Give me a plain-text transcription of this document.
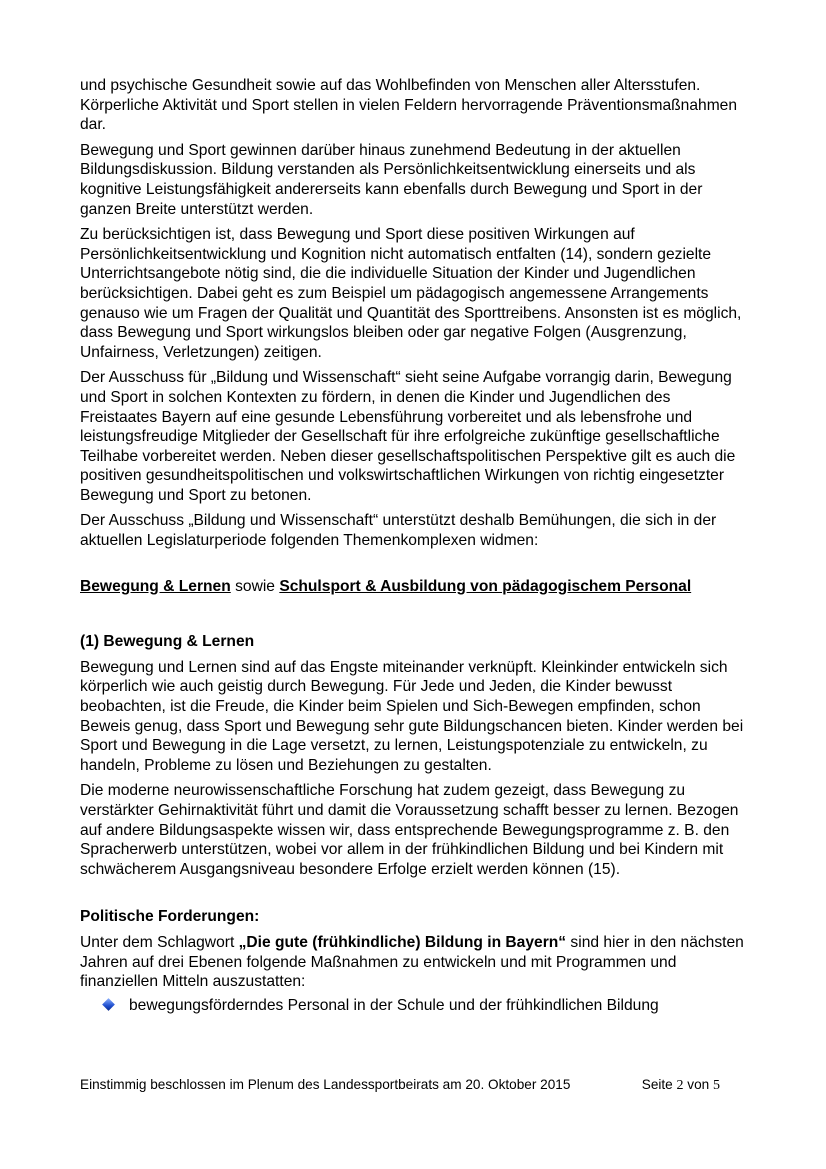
und psychische Gesundheit sowie auf das Wohlbefinden von Menschen aller Altersstufen. Körperliche Aktivität und Sport stellen in vielen Feldern hervorragende Präventionsmaßnahmen dar.

Bewegung und Sport gewinnen darüber hinaus zunehmend Bedeutung in der aktuellen Bildungsdiskussion. Bildung verstanden als Persönlichkeitsentwicklung einerseits und als kognitive Leistungsfähigkeit andererseits kann ebenfalls durch Bewegung und Sport in der ganzen Breite unterstützt werden.

Zu berücksichtigen ist, dass Bewegung und Sport diese positiven Wirkungen auf Persönlichkeitsentwicklung und Kognition nicht automatisch entfalten (14), sondern gezielte Unterrichtsangebote nötig sind, die die individuelle Situation der Kinder und Jugendlichen berücksichtigen. Dabei geht es zum Beispiel um pädagogisch angemessene Arrangements genauso wie um Fragen der Qualität und Quantität des Sporttreibens. Ansonsten ist es möglich, dass Bewegung und Sport wirkungslos bleiben oder gar negative Folgen (Ausgrenzung, Unfairness, Verletzungen) zeitigen.

Der Ausschuss für „Bildung und Wissenschaft“ sieht seine Aufgabe vorrangig darin, Bewegung und Sport in solchen Kontexten zu fördern, in denen die Kinder und Jugendlichen des Freistaates Bayern auf eine gesunde Lebensführung vorbereitet und als lebensfrohe und leistungsfreudige Mitglieder der Gesellschaft für ihre erfolgreiche zukünftige gesellschaftliche Teilhabe vorbereitet werden. Neben dieser gesellschaftspolitischen Perspektive gilt es auch die positiven gesundheitspolitischen und volkswirtschaftlichen Wirkungen von richtig eingesetzter Bewegung und Sport zu betonen.

Der Ausschuss „Bildung und Wissenschaft“ unterstützt deshalb Bemühungen, die sich in der aktuellen Legislaturperiode folgenden Themenkomplexen widmen:

Bewegung & Lernen sowie Schulsport & Ausbildung von pädagogischem Personal

(1) Bewegung & Lernen

Bewegung und Lernen sind auf das Engste miteinander verknüpft. Kleinkinder entwickeln sich körperlich wie auch geistig durch Bewegung. Für Jede und Jeden, die Kinder bewusst beobachten, ist die Freude, die Kinder beim Spielen und Sich-Bewegen empfinden, schon Beweis genug, dass Sport und Bewegung sehr gute Bildungschancen bieten. Kinder werden bei Sport und Bewegung in die Lage versetzt, zu lernen, Leistungspotenziale zu entwickeln, zu handeln, Probleme zu lösen und Beziehungen zu gestalten.

Die moderne neurowissenschaftliche Forschung hat zudem gezeigt, dass Bewegung zu verstärkter Gehirnaktivität führt und damit die Voraussetzung schafft besser zu lernen. Bezogen auf andere Bildungsaspekte wissen wir, dass entsprechende Bewegungsprogramme z. B. den Spracherwerb unterstützen, wobei vor allem in der frühkindlichen Bildung und bei Kindern mit schwächerem Ausgangsniveau besondere Erfolge erzielt werden können (15).

Politische Forderungen:

Unter dem Schlagwort „Die gute (frühkindliche) Bildung in Bayern“ sind hier in den nächsten Jahren auf drei Ebenen folgende Maßnahmen zu entwickeln und mit Programmen und finanziellen Mitteln auszustatten:

bewegungsförderndes Personal in der Schule und der frühkindlichen Bildung
Einstimmig beschlossen im Plenum des Landessportbeirats am 20. Oktober 2015	Seite 2 von 5
